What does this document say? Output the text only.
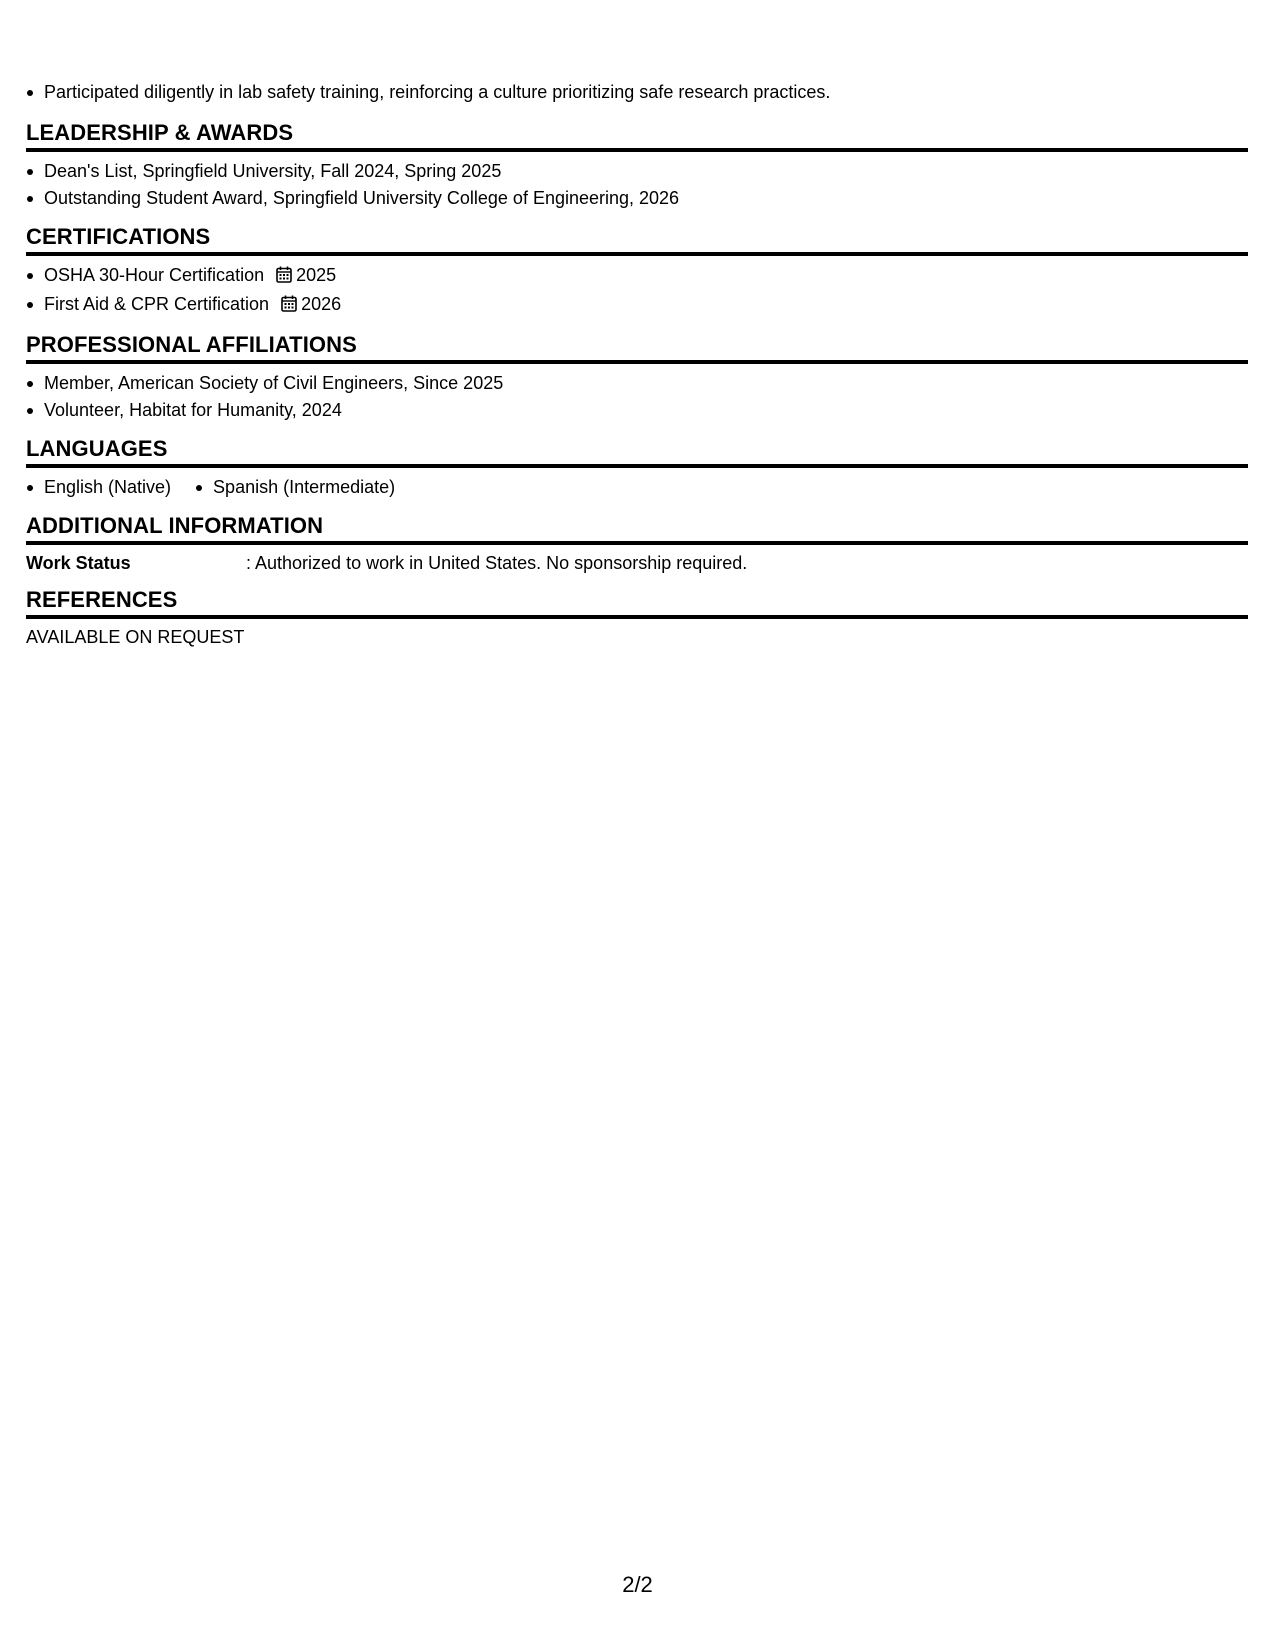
Participated diligently in lab safety training, reinforcing a culture prioritizing safe research practices.
LEADERSHIP & AWARDS
Dean's List, Springfield University, Fall 2024, Spring 2025
Outstanding Student Award, Springfield University College of Engineering, 2026
CERTIFICATIONS
OSHA 30-Hour Certification 2025
First Aid & CPR Certification 2026
PROFESSIONAL AFFILIATIONS
Member, American Society of Civil Engineers, Since 2025
Volunteer, Habitat for Humanity, 2024
LANGUAGES
English (Native)	Spanish (Intermediate)
ADDITIONAL INFORMATION
Work Status	: Authorized to work in United States. No sponsorship required.
REFERENCES
AVAILABLE ON REQUEST
2/2
